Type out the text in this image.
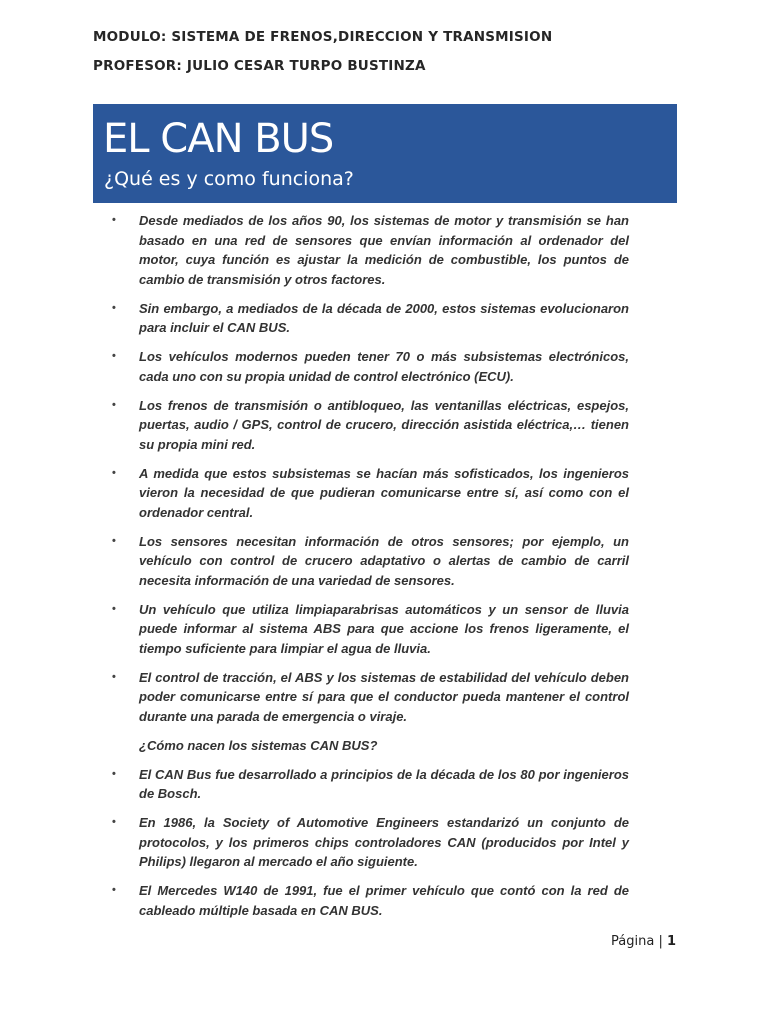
MODULO: SISTEMA DE FRENOS,DIRECCION Y TRANSMISION
PROFESOR: JULIO CESAR TURPO BUSTINZA
EL CAN BUS
¿Qué es y como funciona?
• Desde mediados de los años 90, los sistemas de motor y transmisión se han basado en una red de sensores que envían información al ordenador del motor, cuya función es ajustar la medición de combustible, los puntos de cambio de transmisión y otros factores.
• Sin embargo, a mediados de la década de 2000, estos sistemas evolucionaron para incluir el CAN BUS.
• Los vehículos modernos pueden tener 70 o más subsistemas electrónicos, cada uno con su propia unidad de control electrónico (ECU).
• Los frenos de transmisión o antibloqueo, las ventanillas eléctricas, espejos, puertas, audio / GPS, control de crucero, dirección asistida eléctrica,… tienen su propia mini red.
• A medida que estos subsistemas se hacían más sofisticados, los ingenieros vieron la necesidad de que pudieran comunicarse entre sí, así como con el ordenador central.
• Los sensores necesitan información de otros sensores; por ejemplo, un vehículo con control de crucero adaptativo o alertas de cambio de carril necesita información de una variedad de sensores.
• Un vehículo que utiliza limpiaparabrisas automáticos y un sensor de lluvia puede informar al sistema ABS para que accione los frenos ligeramente, el tiempo suficiente para limpiar el agua de lluvia.
• El control de tracción, el ABS y los sistemas de estabilidad del vehículo deben poder comunicarse entre sí para que el conductor pueda mantener el control durante una parada de emergencia o viraje.
¿Cómo nacen los sistemas CAN BUS?
• El CAN Bus fue desarrollado a principios de la década de los 80 por ingenieros de Bosch.
• En 1986, la Society of Automotive Engineers estandarizó un conjunto de protocolos, y los primeros chips controladores CAN (producidos por Intel y Philips) llegaron al mercado el año siguiente.
• El Mercedes W140 de 1991, fue el primer vehículo que contó con la red de cableado múltiple basada en CAN BUS.
Página | 1
